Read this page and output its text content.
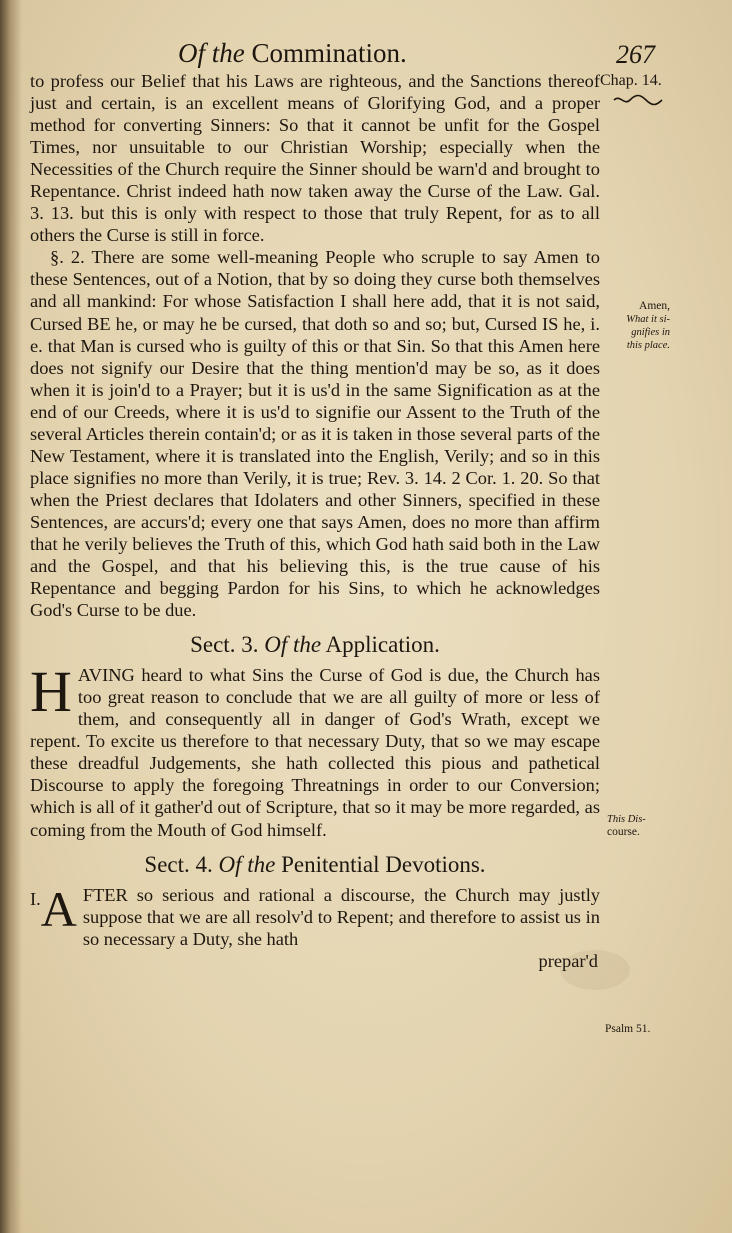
Of the Commination.	267
Chap. 14.
Amen,
What it si-
gnifies in
this place.
This Dis-
course.
Psalm 51.

to profess our Belief that his Laws are righteous, and the Sanctions thereof just and certain, is an excellent means of Glorifying God, and a proper method for converting Sinners: So that it cannot be unfit for the Gospel Times, nor unsuitable to our Christian Worship; especially when the Necessities of the Church require the Sinner should be warn'd and brought to Repentance. Christ indeed hath now taken away the Curse of the Law. Gal. 3. 13. but this is only with respect to those that truly Repent, for as to all others the Curse is still in force.

§. 2. There are some well-meaning People who scruple to say Amen to these Sentences, out of a Notion, that by so doing they curse both themselves and all mankind: For whose Satisfaction I shall here add, that it is not said, Cursed BE he, or may he be cursed, that doth so and so; but, Cursed IS he, i. e. that Man is cursed who is guilty of this or that Sin. So that this Amen here does not signify our Desire that the thing mention'd may be so, as it does when it is join'd to a Prayer; but it is us'd in the same Signification as at the end of our Creeds, where it is us'd to signifie our Assent to the Truth of the several Articles therein contain'd; or as it is taken in those several parts of the New Testament, where it is translated into the English, Verily; and so in this place signifies no more than Verily, it is true; Rev. 3. 14. 2 Cor. 1. 20. So that when the Priest declares that Idolaters and other Sinners, specified in these Sentences, are accurs'd; every one that says Amen, does no more than affirm that he verily believes the Truth of this, which God hath said both in the Law and the Gospel, and that his believing this, is the true cause of his Repentance and begging Pardon for his Sins, to which he acknowledges God's Curse to be due.

Sect. 3. Of the Application.

HAVING heard to what Sins the Curse of God is due, the Church has too great reason to conclude that we are all guilty of more or less of them, and consequently all in danger of God's Wrath, except we repent. To excite us therefore to that necessary Duty, that so we may escape these dreadful Judgements, she hath collected this pious and pathetical Discourse to apply the foregoing Threatnings in order to our Conversion; which is all of it gather'd out of Scripture, that so it may be more regarded, as coming from the Mouth of God himself.

Sect. 4. Of the Penitential Devotions.

I. A FTER so serious and rational a discourse, the Church may justly suppose that we are all resolv'd to Repent; and therefore to assist us in so necessary a Duty, she hath

prepar'd
